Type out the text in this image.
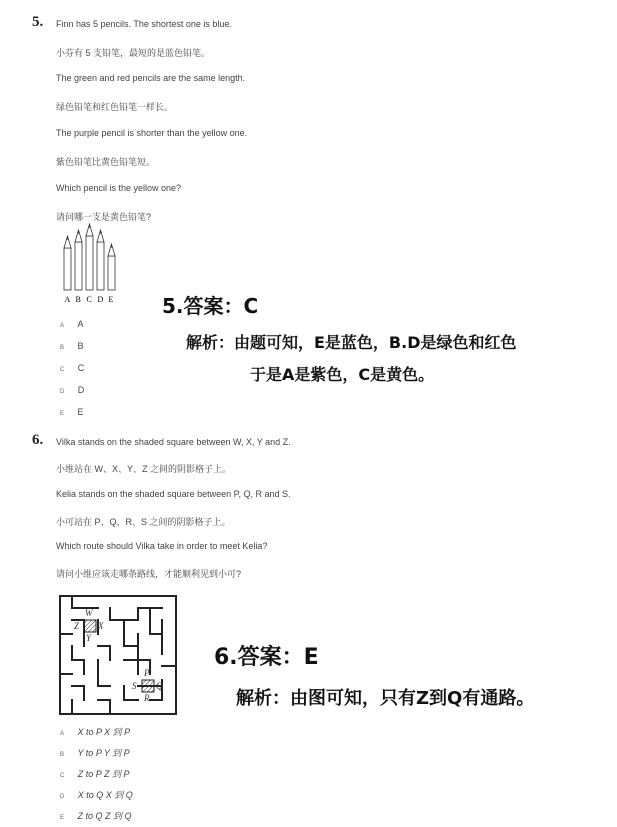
5. Finn has 5 pencils. The shortest one is blue.
小芬有 5 支铅笔，最短的是蓝色铅笔。
The green and red pencils are the same length.
绿色铅笔和红色铅笔一样长。
The purple pencil is shorter than the yellow one.
紫色铅笔比黄色铅笔短。
Which pencil is the yellow one?
请问哪一支是黄色铅笔?
A B C D E
A A
B B
C C
D D
E E
5.答案：C
解析：由题可知，E是蓝色，B.D是绿色和红色
于是A是紫色，C是黄色。
6. Vilka stands on the shaded square between W, X, Y and Z.
小维站在 W、X、Y、Z 之间的阴影格子上。
Kelia stands on the shaded square between P, Q, R and S.
小可站在 P、Q、R、S 之间的阴影格子上。
Which route should Vilka take in order to meet Kelia?
请问小维应该走哪条路线，才能顺利见到小可?
W
X
Y
Z
P
Q
R
S
A X to P X 到 P
B Y to P Y 到 P
C Z to P Z 到 P
D X to Q X 到 Q
E Z to Q Z 到 Q
6.答案：E
解析：由图可知，只有Z到Q有通路。
